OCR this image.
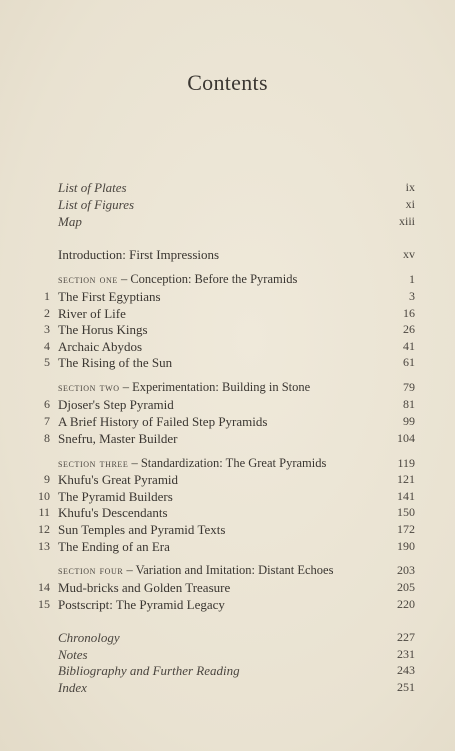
Contents
List of Plates	ix
List of Figures	xi
Map	xiii
Introduction: First Impressions	xv
section one – Conception: Before the Pyramids	1
1 The First Egyptians	3
2 River of Life	16
3 The Horus Kings	26
4 Archaic Abydos	41
5 The Rising of the Sun	61
section two – Experimentation: Building in Stone	79
6 Djoser's Step Pyramid	81
7 A Brief History of Failed Step Pyramids	99
8 Snefru, Master Builder	104
section three – Standardization: The Great Pyramids	119
9 Khufu's Great Pyramid	121
10 The Pyramid Builders	141
11 Khufu's Descendants	150
12 Sun Temples and Pyramid Texts	172
13 The Ending of an Era	190
section four – Variation and Imitation: Distant Echoes	203
14 Mud-bricks and Golden Treasure	205
15 Postscript: The Pyramid Legacy	220
Chronology	227
Notes	231
Bibliography and Further Reading	243
Index	251
